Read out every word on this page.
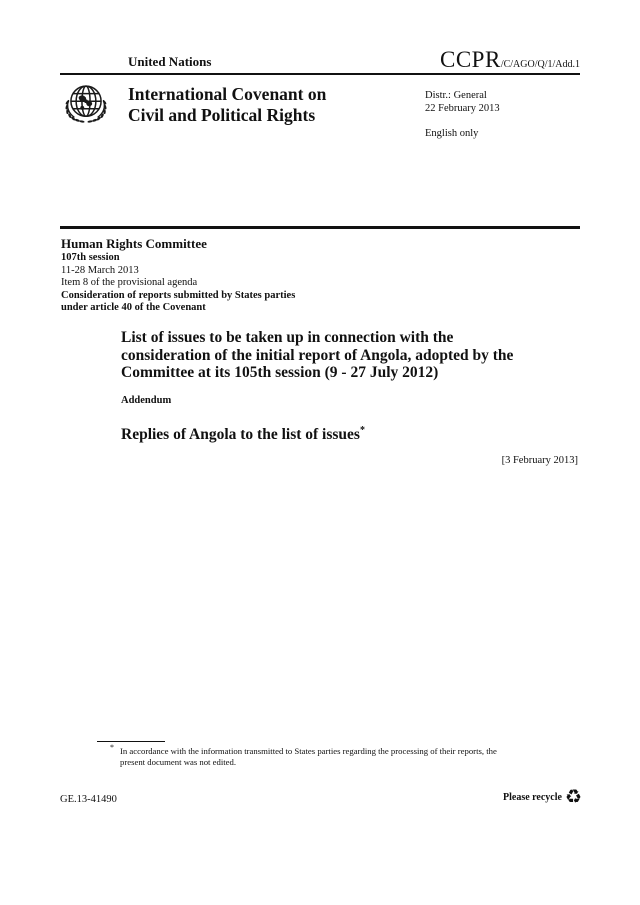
United Nations	CCPR /C/AGO/Q/1/Add.1
International Covenant on
Civil and Political Rights
Distr.: General
22 February 2013
English only
Human Rights Committee
107th session
11-28 March 2013
Item 8 of the provisional agenda
Consideration of reports submitted by States parties
under article 40 of the Covenant
List of issues to be taken up in connection with the consideration of the initial report of Angola, adopted by the Committee at its 105th session (9 - 27 July 2012)
Addendum
Replies of Angola to the list of issues*
[3 February 2013]
* In accordance with the information transmitted to States parties regarding the processing of their reports, the present document was not edited.
GE.13-41490	Please recycle ♻
